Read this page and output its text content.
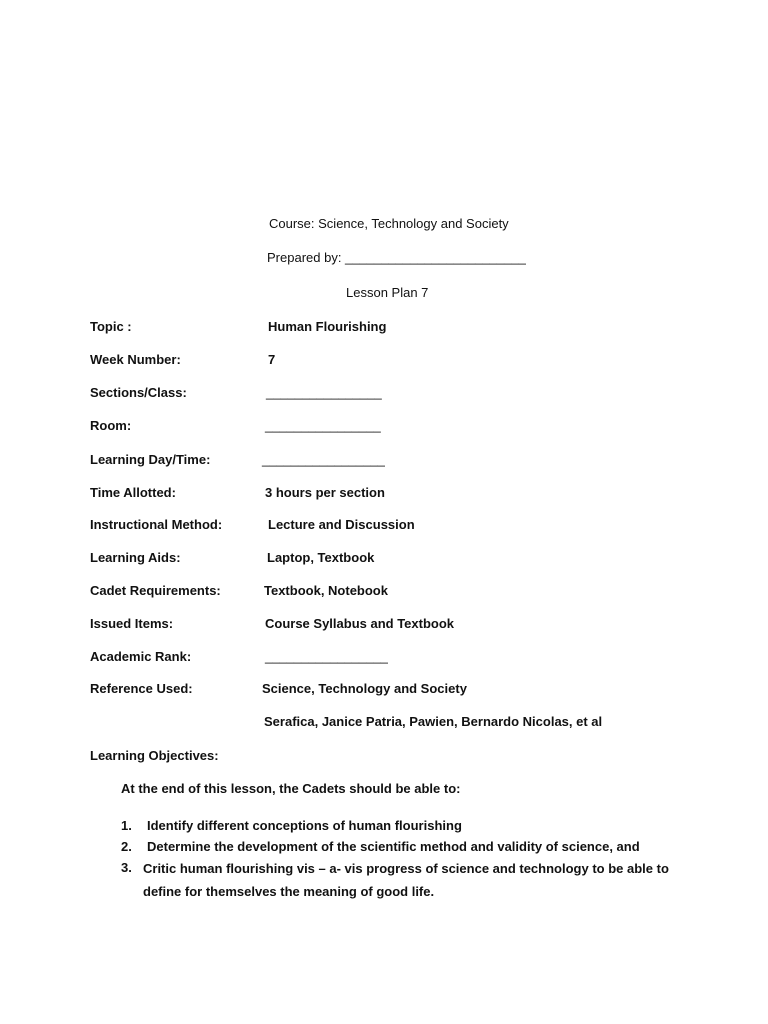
Course: Science, Technology and Society
Prepared by: _________________________
Lesson Plan 7
Topic :	Human Flourishing
Week Number:	7
Sections/Class:	________________
Room:	________________
Learning Day/Time:	_________________
Time Allotted:	3 hours per section
Instructional Method:	Lecture and Discussion
Learning Aids:	Laptop, Textbook
Cadet Requirements:	Textbook, Notebook
Issued Items:	Course Syllabus and Textbook
Academic Rank:	_________________
Reference Used:	Science, Technology and Society
Serafica, Janice Patria, Pawien, Bernardo Nicolas, et al
Learning Objectives:
At the end of this lesson, the Cadets should be able to:
1.	Identify different conceptions of human flourishing
2.	Determine the development of the scientific method and validity of science, and
3. Critic human flourishing vis – a- vis progress of science and technology to be able to define for themselves the meaning of good life.
